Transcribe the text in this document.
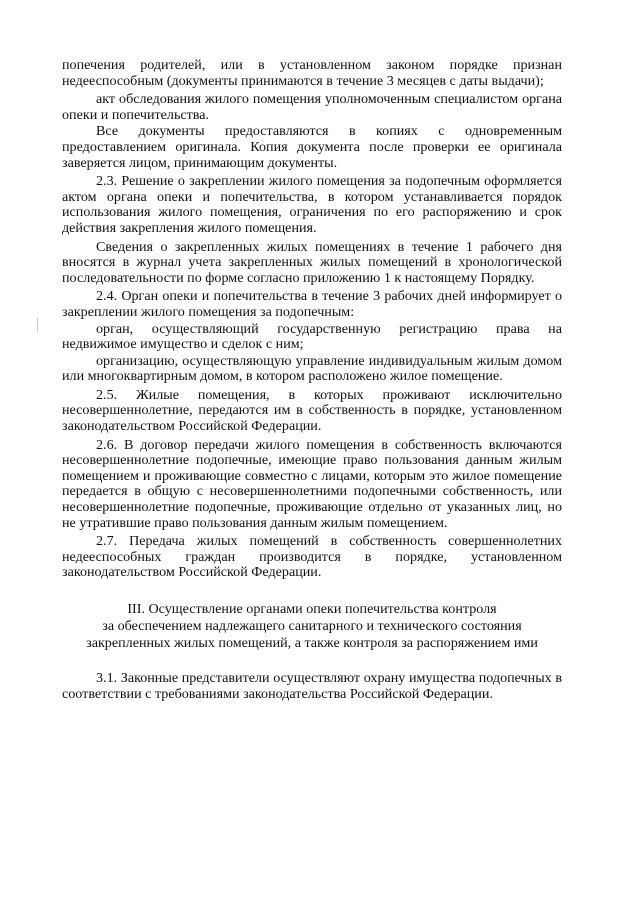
попечения родителей, или в установленном законом порядке признан недееспособным (документы принимаются в течение 3 месяцев с даты выдачи);

акт обследования жилого помещения уполномоченным специалистом органа опеки и попечительства.

Все документы предоставляются в копиях с одновременным предоставлением оригинала. Копия документа после проверки ее оригинала заверяется лицом, принимающим документы.

2.3. Решение о закреплении жилого помещения за подопечным оформляется актом органа опеки и попечительства, в котором устанавливается порядок использования жилого помещения, ограничения по его распоряжению и срок действия закрепления жилого помещения.

Сведения о закрепленных жилых помещениях в течение 1 рабочего дня вносятся в журнал учета закрепленных жилых помещений в хронологической последовательности по форме согласно приложению 1 к настоящему Порядку.

2.4. Орган опеки и попечительства в течение 3 рабочих дней информирует о закреплении жилого помещения за подопечным:

орган, осуществляющий государственную регистрацию права на недвижимое имущество и сделок с ним;

организацию, осуществляющую управление индивидуальным жилым домом или многоквартирным домом, в котором расположено жилое помещение.

2.5. Жилые помещения, в которых проживают исключительно несовершеннолетние, передаются им в собственность в порядке, установленном законодательством Российской Федерации.

2.6. В договор передачи жилого помещения в собственность включаются несовершеннолетние подопечные, имеющие право пользования данным жилым помещением и проживающие совместно с лицами, которым это жилое помещение передается в общую с несовершеннолетними подопечными собственность, или несовершеннолетние подопечные, проживающие отдельно от указанных лиц, но не утратившие право пользования данным жилым помещением.

2.7. Передача жилых помещений в собственность совершеннолетних недееспособных граждан производится в порядке, установленном законодательством Российской Федерации.

III. Осуществление органами опеки попечительства контроля
за обеспечением надлежащего санитарного и технического состояния
закрепленных жилых помещений, а также контроля за распоряжением ими

3.1. Законные представители осуществляют охрану имущества подопечных в соответствии с требованиями законодательства Российской Федерации.
